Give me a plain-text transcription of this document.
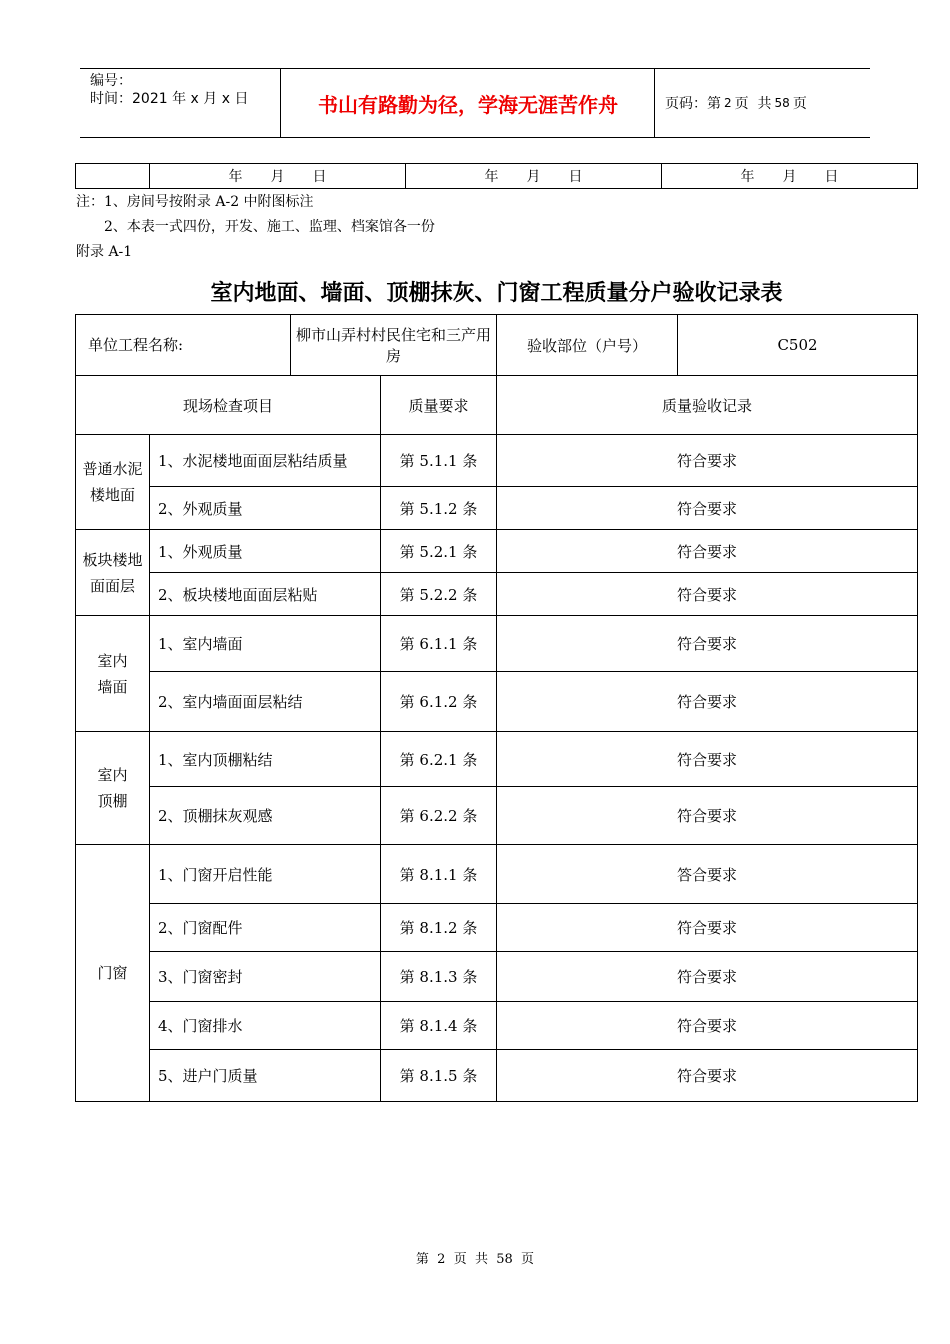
编号：
时间：2021 年 x 月 x 日	书山有路勤为径，学海无涯苦作舟	页码：第 2 页  共 58 页
	年　　月　　日	年　　月　　日	年　　月　　日
注：1、房间号按附录 A-2 中附图标注
　　2、本表一式四份，开发、施工、监理、档案馆各一份
附录 A-1
室内地面、墙面、顶棚抹灰、门窗工程质量分户验收记录表
单位工程名称:		柳市山弄村村民住宅和三产用房		验收部位（户号）	C502
现场检查项目			质量要求	质量验收记录	
普通水泥楼地面	1、水泥楼地面面层粘结质量		第 5.1.1 条	符合要求	
	2、外观质量		第 5.1.2 条	符合要求	
板块楼地面面层	1、外观质量		第 5.2.1 条	符合要求	
	2、板块楼地面面层粘贴		第 5.2.2 条	符合要求	
室内墙面	1、室内墙面		第 6.1.1 条	符合要求	
	2、室内墙面面层粘结		第 6.1.2 条	符合要求	
室内顶棚	1、室内顶棚粘结		第 6.2.1 条	符合要求	
	2、顶棚抹灰观感		第 6.2.2 条	符合要求	
门窗	1、门窗开启性能		第 8.1.1 条	答合要求	
	2、门窗配件		第 8.1.2 条	符合要求	
	3、门窗密封		第 8.1.3 条	符合要求	
	4、门窗排水		第 8.1.4 条	符合要求	
	5、进户门质量		第 8.1.5 条	符合要求	
第  2  页  共  58  页
